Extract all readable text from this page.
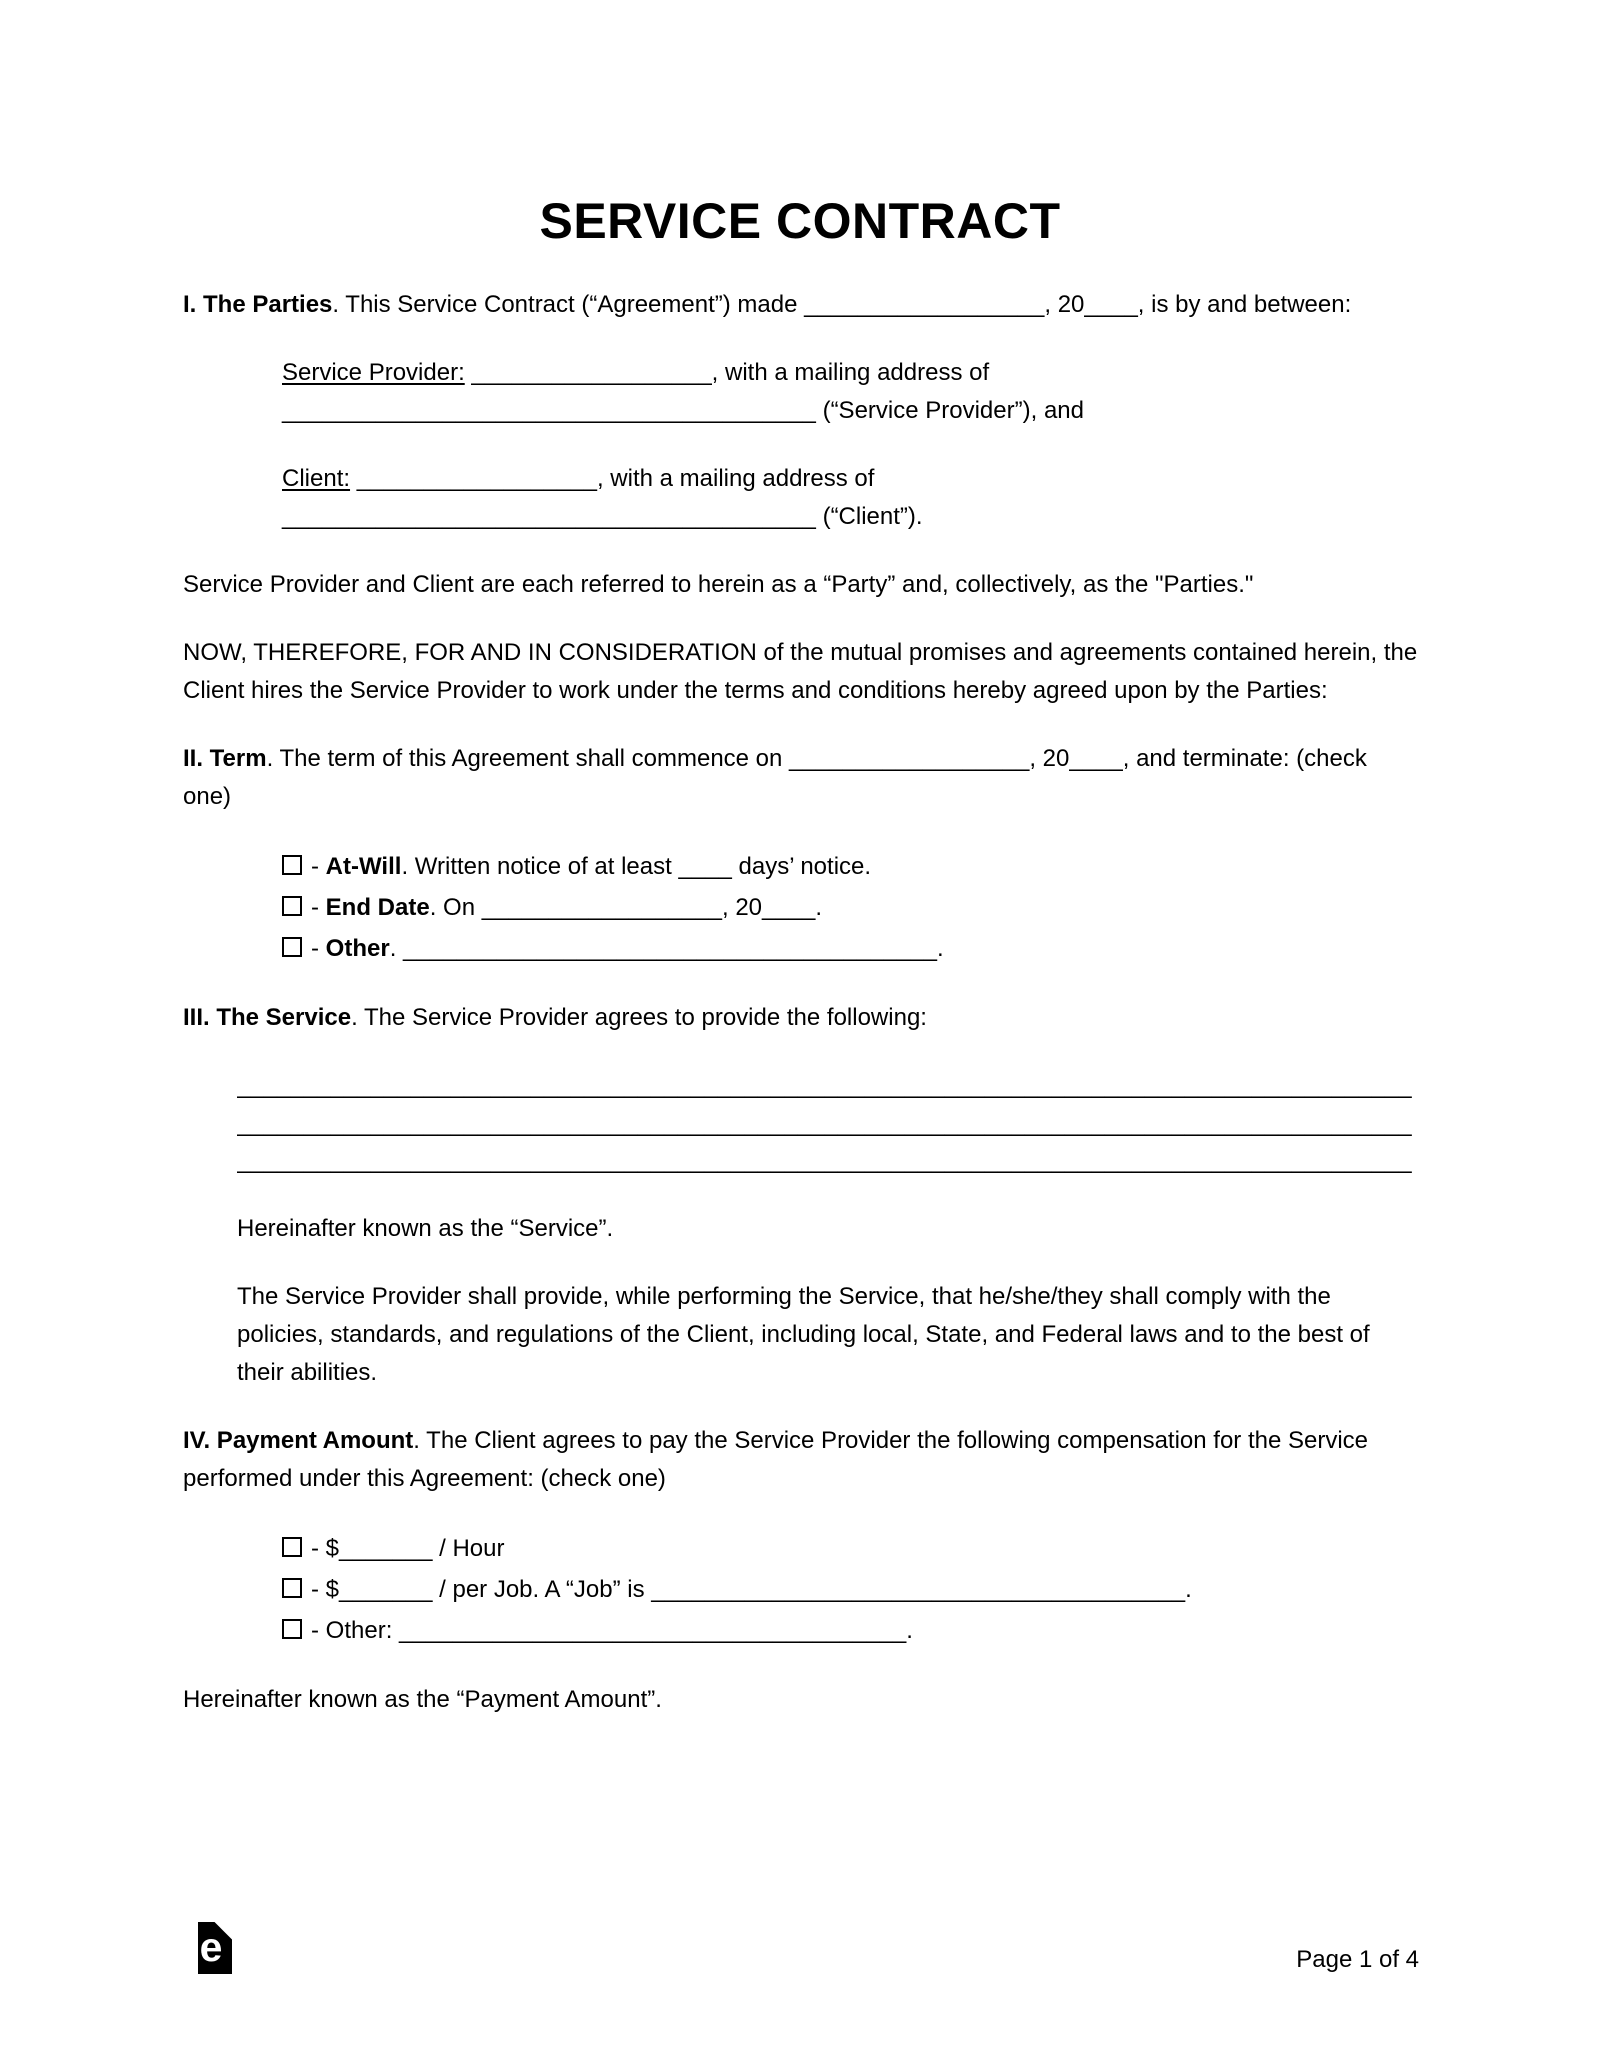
SERVICE CONTRACT

I. The Parties. This Service Contract (“Agreement”) made __________________, 20____, is by and between:

Service Provider: __________________, with a mailing address of
________________________________________ (“Service Provider”), and
Client: __________________, with a mailing address of
________________________________________ (“Client”).

Service Provider and Client are each referred to herein as a “Party” and, collectively, as the "Parties."

NOW, THEREFORE, FOR AND IN CONSIDERATION of the mutual promises and agreements contained herein, the Client hires the Service Provider to work under the terms and conditions hereby agreed upon by the Parties:

II. Term. The term of this Agreement shall commence on __________________, 20____, and terminate: (check one)

- At-Will. Written notice of at least ____ days’ notice.
- End Date. On __________________, 20____.
- Other. ________________________________________.

III. The Service. The Service Provider agrees to provide the following:

________________________________________________________________________________________
________________________________________________________________________________________
________________________________________________________________________________________

Hereinafter known as the “Service”.

The Service Provider shall provide, while performing the Service, that he/she/they shall comply with the policies, standards, and regulations of the Client, including local, State, and Federal laws and to the best of their abilities.

IV. Payment Amount. The Client agrees to pay the Service Provider the following compensation for the Service performed under this Agreement: (check one)

- $_______ / Hour
- $_______ / per Job. A “Job” is ________________________________________.
- Other: ______________________________________.

Hereinafter known as the “Payment Amount”.

e	Page 1 of 4
